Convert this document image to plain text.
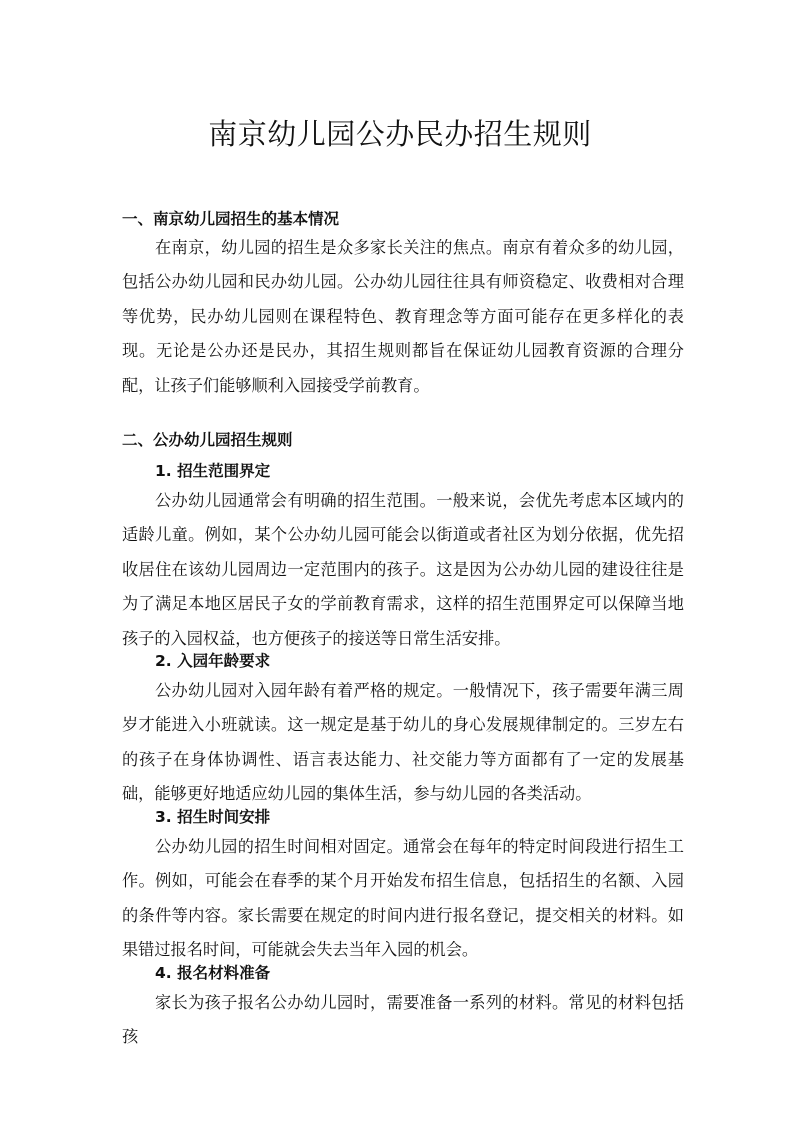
南京幼儿园公办民办招生规则
一、南京幼儿园招生的基本情况

在南京，幼儿园的招生是众多家长关注的焦点。南京有着众多的幼儿园，包括公办幼儿园和民办幼儿园。公办幼儿园往往具有师资稳定、收费相对合理等优势，民办幼儿园则在课程特色、教育理念等方面可能存在更多样化的表现。无论是公办还是民办，其招生规则都旨在保证幼儿园教育资源的合理分配，让孩子们能够顺利入园接受学前教育。

二、公办幼儿园招生规则
1. 招生范围界定

公办幼儿园通常会有明确的招生范围。一般来说，会优先考虑本区域内的适龄儿童。例如，某个公办幼儿园可能会以街道或者社区为划分依据，优先招收居住在该幼儿园周边一定范围内的孩子。这是因为公办幼儿园的建设往往是为了满足本地区居民子女的学前教育需求，这样的招生范围界定可以保障当地孩子的入园权益，也方便孩子的接送等日常生活安排。

2. 入园年龄要求

公办幼儿园对入园年龄有着严格的规定。一般情况下，孩子需要年满三周岁才能进入小班就读。这一规定是基于幼儿的身心发展规律制定的。三岁左右的孩子在身体协调性、语言表达能力、社交能力等方面都有了一定的发展基础，能够更好地适应幼儿园的集体生活，参与幼儿园的各类活动。

3. 招生时间安排

公办幼儿园的招生时间相对固定。通常会在每年的特定时间段进行招生工作。例如，可能会在春季的某个月开始发布招生信息，包括招生的名额、入园的条件等内容。家长需要在规定的时间内进行报名登记，提交相关的材料。如果错过报名时间，可能就会失去当年入园的机会。

4. 报名材料准备

家长为孩子报名公办幼儿园时，需要准备一系列的材料。常见的材料包括孩
